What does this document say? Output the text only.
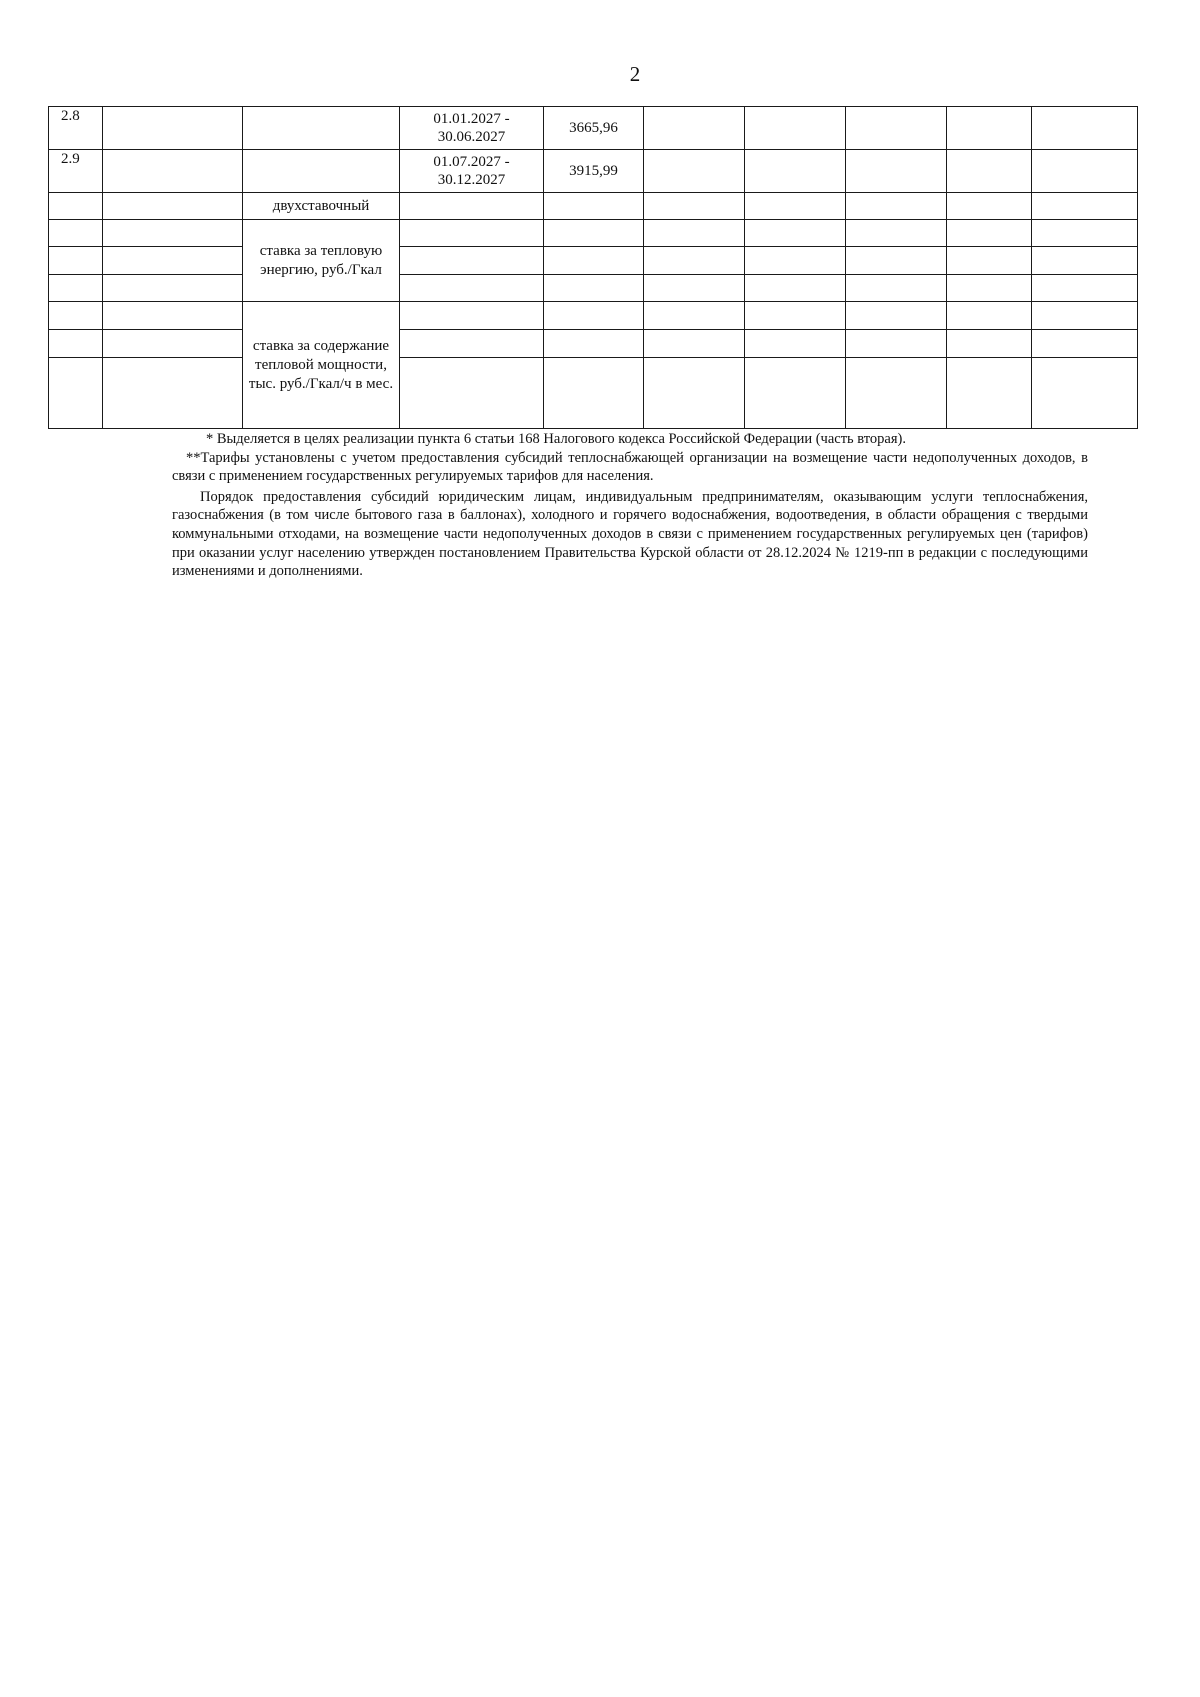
2
2.8			01.01.2027 - 30.06.2027	3665,96					
2.9			01.07.2027 - 30.12.2027	3915,99					
		двухставочный							
		ставка за тепловую энергию, руб./Гкал							

		ставка за содержание тепловой мощности, тыс. руб./Гкал/ч в мес.							

* Выделяется в целях реализации пункта 6 статьи 168 Налогового кодекса Российской Федерации (часть вторая).

**Тарифы установлены с учетом предоставления субсидий теплоснабжающей организации на возмещение части недополученных доходов, в связи с применением государственных регулируемых тарифов для населения.

Порядок предоставления субсидий юридическим лицам, индивидуальным предпринимателям, оказывающим услуги теплоснабжения, газоснабжения (в том числе бытового газа в баллонах), холодного и горячего водоснабжения, водоотведения, в области обращения с твердыми коммунальными отходами, на возмещение части недополученных доходов в связи с применением государственных регулируемых цен (тарифов) при оказании услуг населению утвержден постановлением Правительства Курской области от 28.12.2024 № 1219-пп в редакции с последующими изменениями и дополнениями.
